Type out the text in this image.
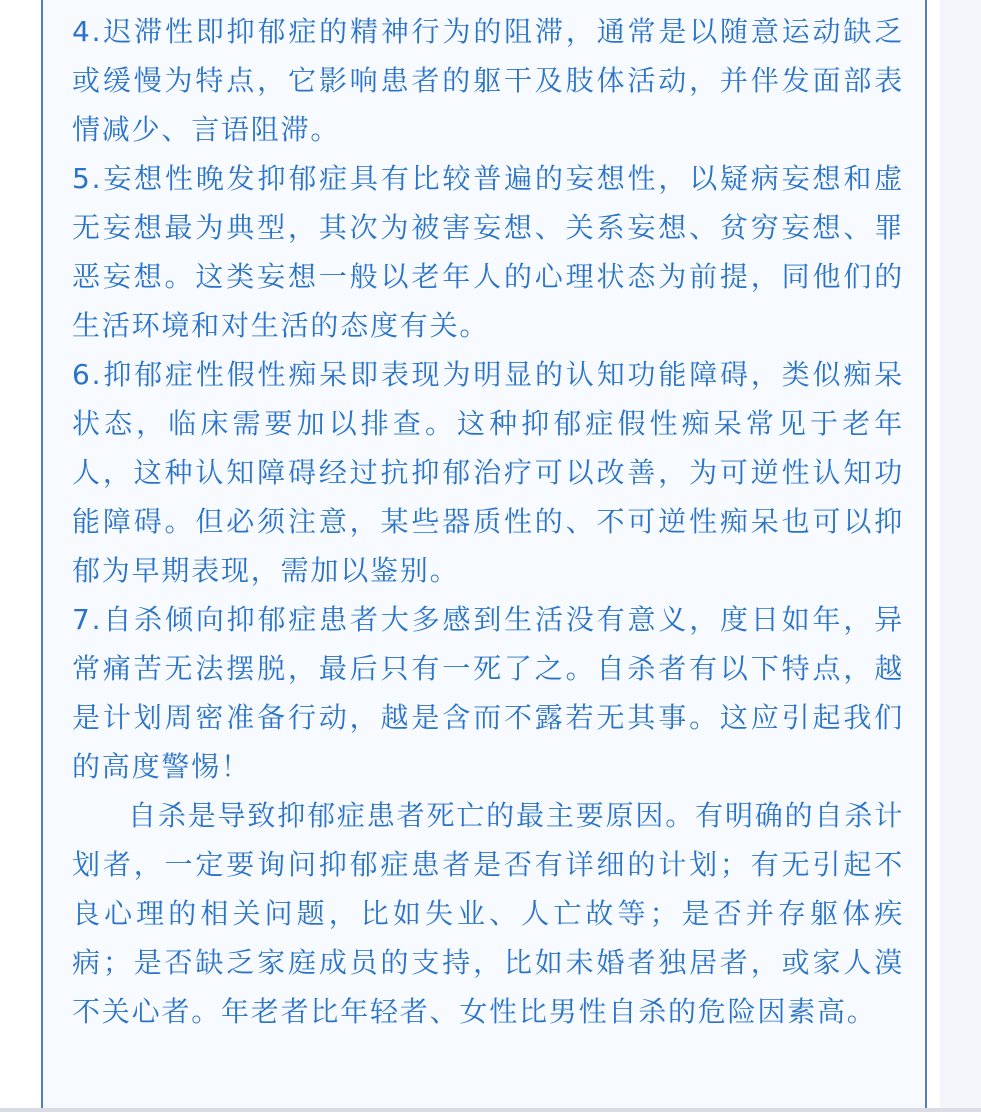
4.迟滞性即抑郁症的精神行为的阻滞，通常是以随意运动缺乏或缓慢为特点，它影响患者的躯干及肢体活动，并伴发面部表情减少、言语阻滞。

5.妄想性晚发抑郁症具有比较普遍的妄想性，以疑病妄想和虚无妄想最为典型，其次为被害妄想、关系妄想、贫穷妄想、罪恶妄想。这类妄想一般以老年人的心理状态为前提，同他们的生活环境和对生活的态度有关。

6.抑郁症性假性痴呆即表现为明显的认知功能障碍，类似痴呆状态，临床需要加以排查。这种抑郁症假性痴呆常见于老年人，这种认知障碍经过抗抑郁治疗可以改善，为可逆性认知功能障碍。但必须注意，某些器质性的、不可逆性痴呆也可以抑郁为早期表现，需加以鉴别。

7.自杀倾向抑郁症患者大多感到生活没有意义，度日如年，异常痛苦无法摆脱，最后只有一死了之。自杀者有以下特点，越是计划周密准备行动，越是含而不露若无其事。这应引起我们的高度警惕！

自杀是导致抑郁症患者死亡的最主要原因。有明确的自杀计划者，一定要询问抑郁症患者是否有详细的计划；有无引起不良心理的相关问题，比如失业、人亡故等；是否并存躯体疾病；是否缺乏家庭成员的支持，比如未婚者独居者，或家人漠不关心者。年老者比年轻者、女性比男性自杀的危险因素高。
